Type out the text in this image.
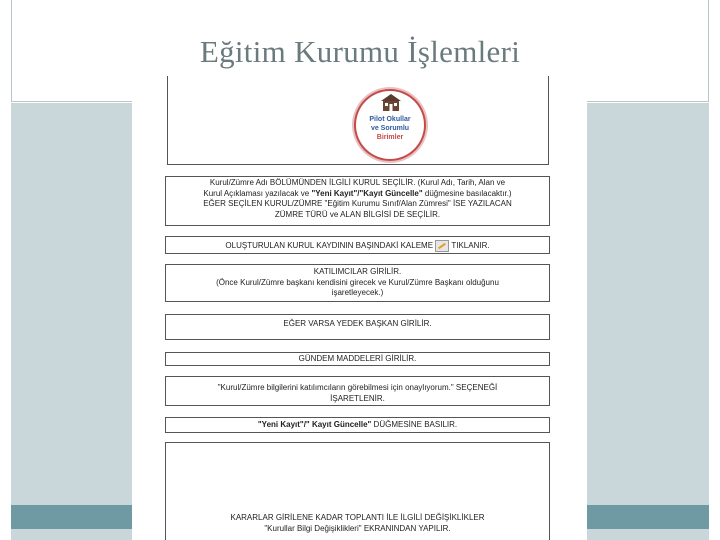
Eğitim Kurumu İşlemleri
Pilot Okullar
ve Sorumlu
Birimler
Kurul/Zümre Adı BÖLÜMÜNDEN İLGİLİ KURUL SEÇİLİR. (Kurul Adı, Tarih, Alan ve
Kurul Açıklaması yazılacak ve "Yeni Kayıt"/"Kayıt Güncelle" düğmesine basılacaktır.)
EĞER SEÇİLEN KURUL/ZÜMRE "Eğitim Kurumu Sınıf/Alan Zümresi" İSE YAZILACAN
ZÜMRE TÜRÜ ve ALAN BİLGİSİ DE SEÇİLİR.
OLUŞTURULAN KURUL KAYDININ BAŞINDAKİ KALEME TIKLANIR.
KATILIMCILAR GİRİLİR.
(Önce Kurul/Zümre başkanı kendisini girecek ve Kurul/Zümre Başkanı olduğunu
işaretleyecek.)
EĞER VARSA YEDEK BAŞKAN GİRİLİR.
GÜNDEM MADDELERİ GİRİLİR.
"Kurul/Zümre bilgilerini katılımcıların görebilmesi için onaylıyorum." SEÇENEĞİ
İŞARETLENİR.
"Yeni Kayıt"/" Kayıt Güncelle" DÜĞMESİNE BASILIR.
KARARLAR GİRİLENE KADAR TOPLANTI İLE İLGİLİ DEĞİŞİKLİKLER
"Kurullar Bilgi Değişiklikleri" EKRANINDAN YAPILIR.
